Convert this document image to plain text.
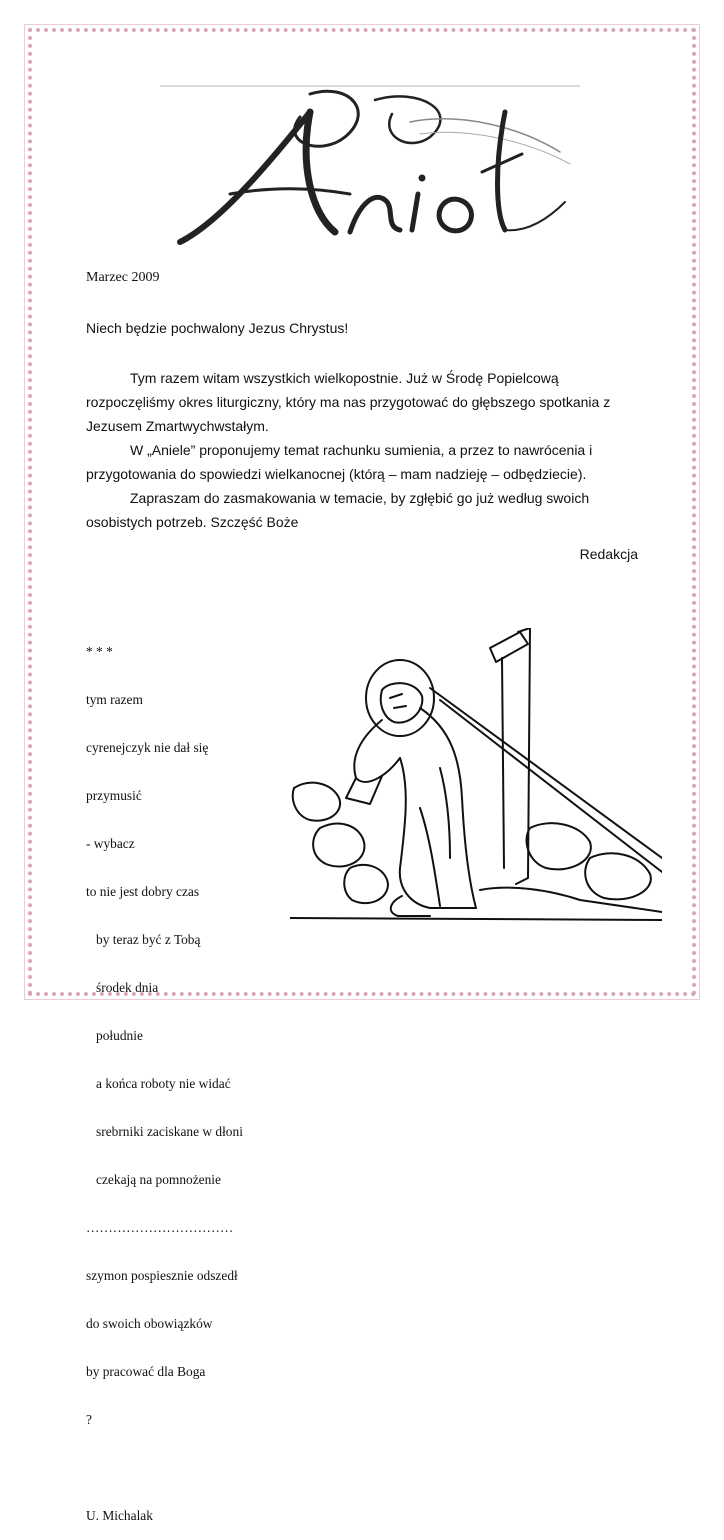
Marzec 2009
Niech będzie pochwalony Jezus Chrystus!

Tym razem witam wszystkich wielkopostnie. Już w Środę Popielcową rozpoczęliśmy okres liturgiczny, który ma nas przygotować do głębszego spotkania z Jezusem Zmartwychwstałym.

W „Aniele” proponujemy temat rachunku sumienia, a przez to nawrócenia i przygotowania do spowiedzi wielkanocnej (którą – mam nadzieję – odbędziecie).

Zapraszam do zasmakowania w temacie, by zgłębić go już według swoich osobistych potrzeb. Szczęść Boże

Redakcja

* * *

tym razem

cyrenejczyk nie dał się

przymusić

- wybacz

to nie jest dobry czas

by teraz być z Tobą

środek dnia

południe

a końca roboty nie widać

srebrniki zaciskane w dłoni

czekają na pomnożenie

……………………………

szymon pospiesznie odszedł

do swoich obowiązków

by pracować dla Boga

?

U. Michalak
